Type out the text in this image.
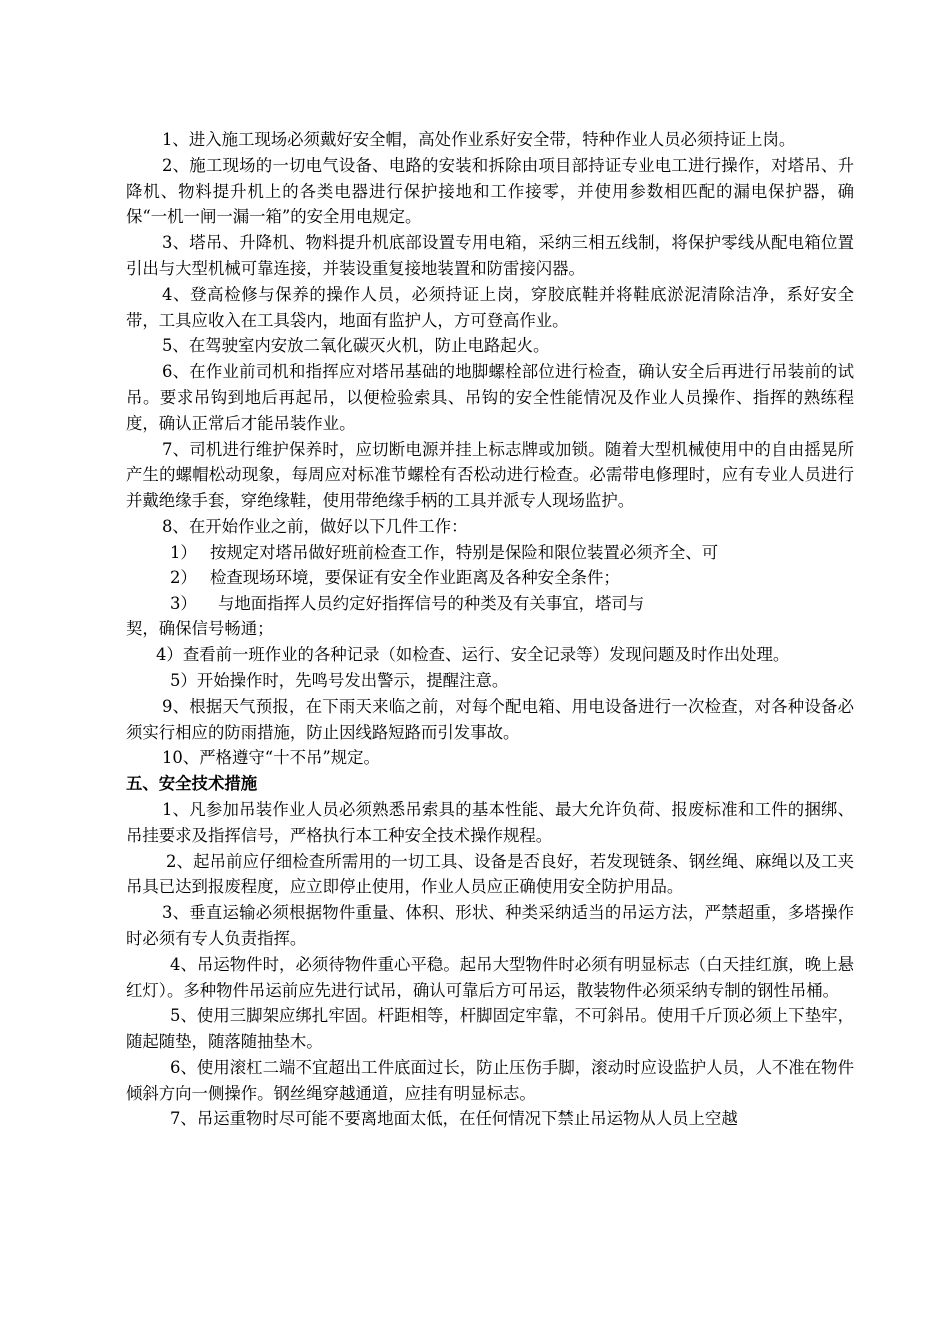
1、进入施工现场必须戴好安全帽，高处作业系好安全带，特种作业人员必须持证上岗。

2、施工现场的一切电气设备、电路的安装和拆除由项目部持证专业电工进行操作，对塔吊、升降机、物料提升机上的各类电器进行保护接地和工作接零，并使用参数相匹配的漏电保护器，确保“一机一闸一漏一箱”的安全用电规定。

3、塔吊、升降机、物料提升机底部设置专用电箱，采纳三相五线制，将保护零线从配电箱位置引出与大型机械可靠连接，并装设重复接地装置和防雷接闪器。

4、登高检修与保养的操作人员，必须持证上岗，穿胶底鞋并将鞋底淤泥清除洁净，系好安全带，工具应收入在工具袋内，地面有监护人，方可登高作业。

5、在驾驶室内安放二氧化碳灭火机，防止电路起火。

6、在作业前司机和指挥应对塔吊基础的地脚螺栓部位进行检查，确认安全后再进行吊装前的试吊。要求吊钩到地后再起吊，以便检验索具、吊钩的安全性能情况及作业人员操作、指挥的熟练程度，确认正常后才能吊装作业。

7、司机进行维护保养时，应切断电源并挂上标志牌或加锁。随着大型机械使用中的自由摇晃所产生的螺帽松动现象，每周应对标准节螺栓有否松动进行检查。必需带电修理时，应有专业人员进行并戴绝缘手套，穿绝缘鞋，使用带绝缘手柄的工具并派专人现场监护。

8、在开始作业之前，做好以下几件工作：

1） 按规定对塔吊做好班前检查工作，特别是保险和限位装置必须齐全、可
2） 检查现场环境，要保证有安全作业距离及各种安全条件；
3） 与地面指挥人员约定好指挥信号的种类及有关事宜，塔司与

契，确保信号畅通；

4）查看前一班作业的各种记录（如检查、运行、安全记录等）发现问题及时作出处理。

5）开始操作时，先鸣号发出警示，提醒注意。

9、根据天气预报，在下雨天来临之前，对每个配电箱、用电设备进行一次检查，对各种设备必须实行相应的防雨措施，防止因线路短路而引发事故。

10、严格遵守“十不吊”规定。

五、安全技术措施

1、凡参加吊装作业人员必须熟悉吊索具的基本性能、最大允许负荷、报废标准和工件的捆绑、吊挂要求及指挥信号，严格执行本工种安全技术操作规程。

2、起吊前应仔细检查所需用的一切工具、设备是否良好，若发现链条、钢丝绳、麻绳以及工夹吊具已达到报废程度，应立即停止使用，作业人员应正确使用安全防护用品。

3、垂直运输必须根据物件重量、体积、形状、种类采纳适当的吊运方法，严禁超重，多塔操作时必须有专人负责指挥。

4、吊运物件时，必须待物件重心平稳。起吊大型物件时必须有明显标志（白天挂红旗，晚上悬红灯）。多种物件吊运前应先进行试吊，确认可靠后方可吊运，散装物件必须采纳专制的钢性吊桶。

5、使用三脚架应绑扎牢固。杆距相等，杆脚固定牢靠，不可斜吊。使用千斤顶必须上下垫牢，随起随垫，随落随抽垫木。

6、使用滚杠二端不宜超出工件底面过长，防止压伤手脚，滚动时应设监护人员，人不准在物件倾斜方向一侧操作。钢丝绳穿越通道，应挂有明显标志。

7、吊运重物时尽可能不要离地面太低，在任何情况下禁止吊运物从人员上空越
